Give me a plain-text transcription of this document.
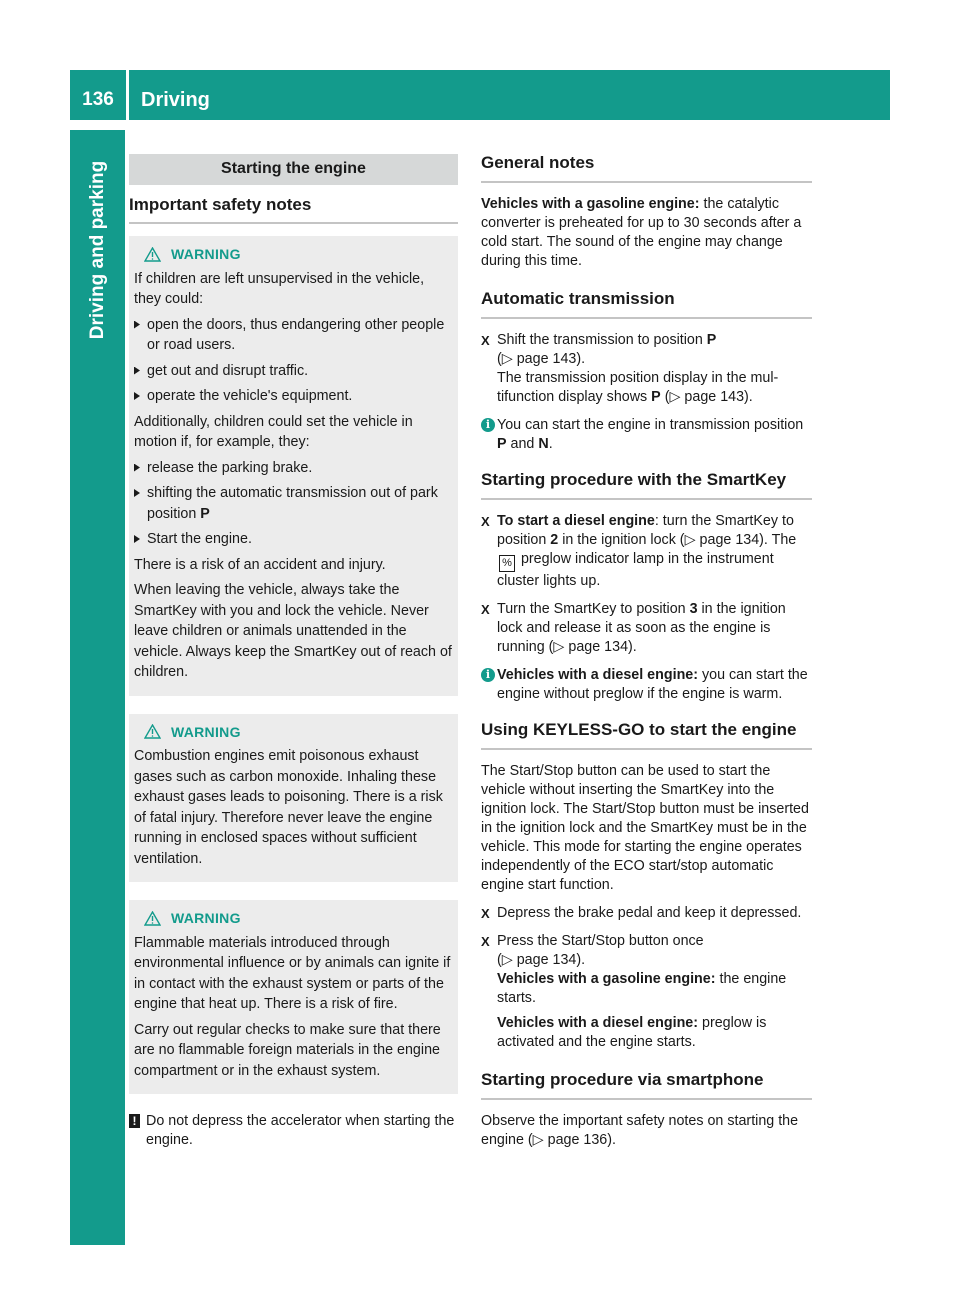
136	Driving
Driving and parking	Starting the engine
Important safety notes
WARNING

If children are left unsupervised in the vehicle, they could:

open the doors, thus endangering other people or road users.
get out and disrupt traffic.
operate the vehicle's equipment.

Additionally, children could set the vehicle in motion if, for example, they:

release the parking brake.
shifting the automatic transmission out of park position P
Start the engine.

There is a risk of an accident and injury.

When leaving the vehicle, always take the SmartKey with you and lock the vehicle. Never leave children or animals unattended in the vehicle. Always keep the SmartKey out of reach of children.

WARNING

Combustion engines emit poisonous exhaust gases such as carbon monoxide. Inhaling these exhaust gases leads to poisoning. There is a risk of fatal injury. Therefore never leave the engine running in enclosed spaces without sufficient ventilation.

WARNING

Flammable materials introduced through environmental influence or by animals can ignite if in contact with the exhaust system or parts of the engine that heat up. There is a risk of fire.

Carry out regular checks to make sure that there are no flammable foreign materials in the engine compartment or in the exhaust system.

! Do not depress the accelerator when starting the engine.
General notes

Vehicles with a gasoline engine: the catalytic converter is preheated for up to 30 seconds after a cold start. The sound of the engine may change during this time.

Automatic transmission
X Shift the transmission to position P
(▷ page 143).
The transmission position display in the multifunction display shows P (▷ page 143).
i You can start the engine in transmission position P and N.
Starting procedure with the SmartKey
X To start a diesel engine: turn the SmartKey to position 2 in the ignition lock (▷ page 134). The % preglow indicator lamp in the instrument cluster lights up.
X Turn the SmartKey to position 3 in the ignition lock and release it as soon as the engine is running (▷ page 134).
i Vehicles with a diesel engine: you can start the engine without preglow if the engine is warm.
Using KEYLESS-GO to start the engine

The Start/Stop button can be used to start the vehicle without inserting the SmartKey into the ignition lock. The Start/Stop button must be inserted in the ignition lock and the SmartKey must be in the vehicle. This mode for starting the engine operates independently of the ECO start/stop automatic engine start function.

X Depress the brake pedal and keep it depressed.
X Press the Start/Stop button once
(▷ page 134).
Vehicles with a gasoline engine: the engine starts.
Vehicles with a diesel engine: preglow is activated and the engine starts.
Starting procedure via smartphone

Observe the important safety notes on starting the engine (▷ page 136).
